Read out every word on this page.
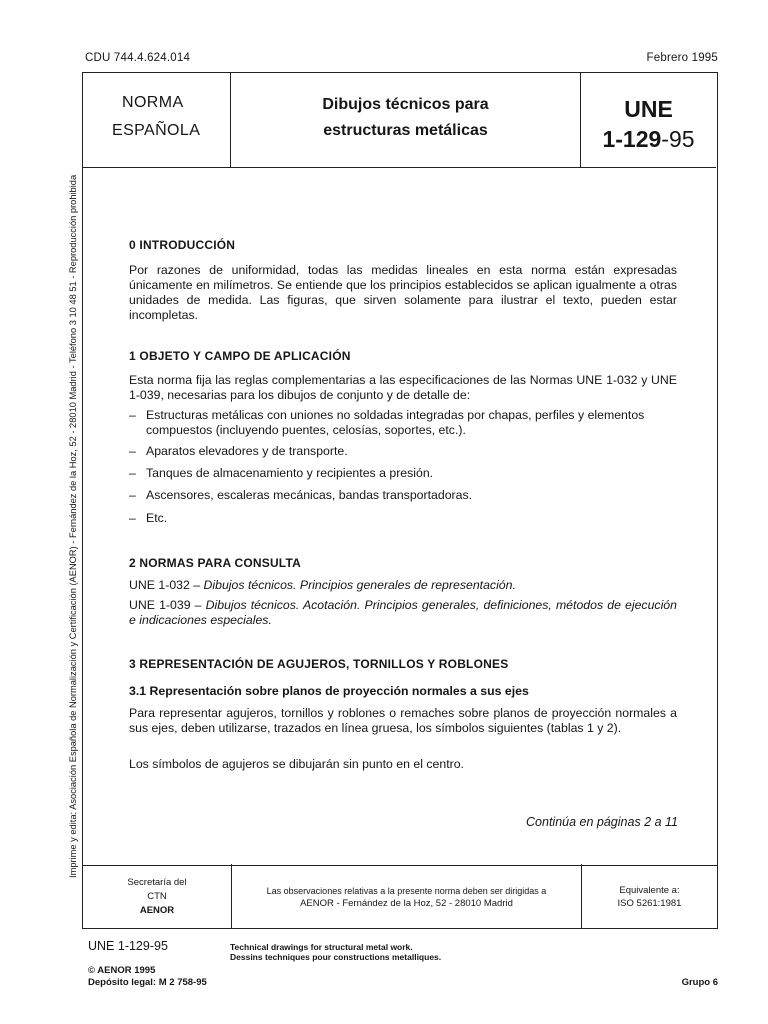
CDU 744.4.624.014	Febrero 1995
NORMA
ESPAÑOLA
Dibujos técnicos para
estructuras metálicas
UNE
1-129-95
Imprime y edita: Asociación Española de Normalización y Certificación (AENOR) - Fernández de la Hoz, 52 - 28010 Madrid - Teléfono 3 10 48 51 - Reproducción prohibida	0 INTRODUCCIÓN
Por razones de uniformidad, todas las medidas lineales en esta norma están expresadas únicamente en milímetros. Se entiende que los principios establecidos se aplican igualmente a otras unidades de medida. Las figuras, que sirven solamente para ilustrar el texto, pueden estar incompletas.
1 OBJETO Y CAMPO DE APLICACIÓN
Esta norma fija las reglas complementarias a las especificaciones de las Normas UNE 1-032 y UNE 1-039, necesarias para los dibujos de conjunto y de detalle de:
– Estructuras metálicas con uniones no soldadas integradas por chapas, perfiles y elementos compuestos (incluyendo puentes, celosías, soportes, etc.).
– Aparatos elevadores y de transporte.
– Tanques de almacenamiento y recipientes a presión.
– Ascensores, escaleras mecánicas, bandas transportadoras.
– Etc.
2 NORMAS PARA CONSULTA
UNE 1-032 – Dibujos técnicos. Principios generales de representación.
UNE 1-039 – Dibujos técnicos. Acotación. Principios generales, definiciones, métodos de ejecución e indicaciones especiales.
3 REPRESENTACIÓN DE AGUJEROS, TORNILLOS Y ROBLONES
3.1 Representación sobre planos de proyección normales a sus ejes
Para representar agujeros, tornillos y roblones o remaches sobre planos de proyección normales a sus ejes, deben utilizarse, trazados en línea gruesa, los símbolos siguientes (tablas 1 y 2).
Los símbolos de agujeros se dibujarán sin punto en el centro.
Continúa en páginas 2 a 11
Secretaría del
CTN
AENOR
Las observaciones relativas a la presente norma deben ser dirigidas a
AENOR - Fernández de la Hoz, 52 - 28010 Madrid
Equivalente a:
ISO 5261:1981
UNE 1-129-95	Technical drawings for structural metal work.
Dessins techniques pour constructions metalliques.
© AENOR 1995
Depósito legal: M 2 758-95	Grupo 6
